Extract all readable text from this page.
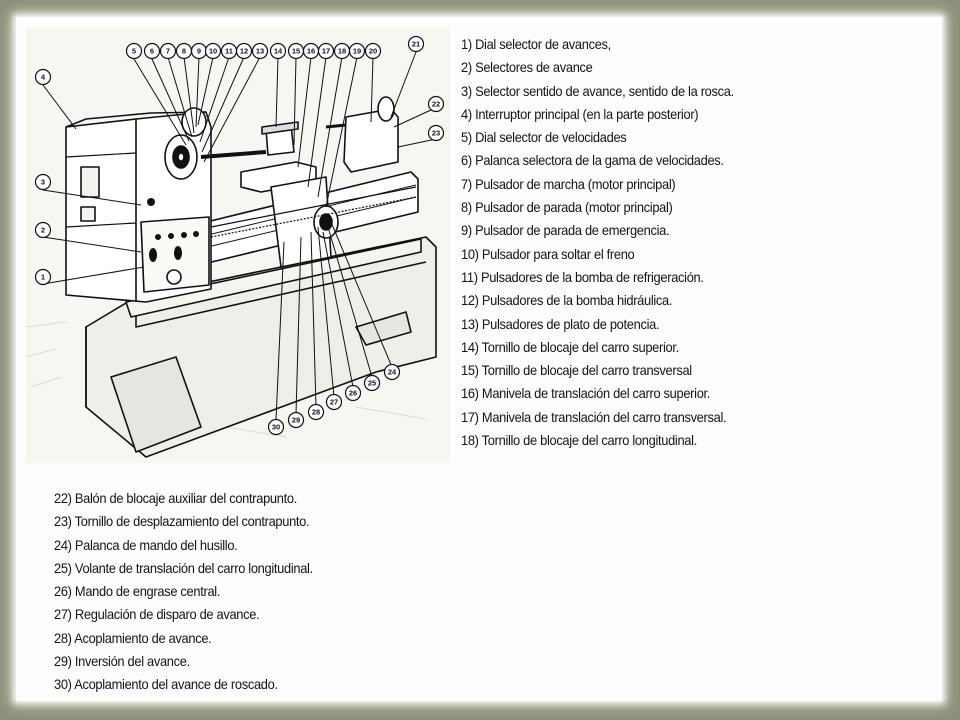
5 6 7 8 9 10 11 12 13 14 15 16 17 18 19 20
21
4
3
2
1
22
23
30
29
28
27
26
25
24
1) Dial selector de avances,
2) Selectores de avance
3) Selector sentido de avance, sentido de la rosca.
4) Interruptor principal (en la parte posterior)
5) Dial selector de velocidades
6) Palanca selectora de la gama de velocidades.
7) Pulsador de marcha (motor principal)
8) Pulsador de parada (motor principal)
9) Pulsador de parada de emergencia.
10) Pulsador para soltar el freno
11) Pulsadores de la bomba de refrigeración.
12) Pulsadores de la bomba hidráulica.
13) Pulsadores de plato de potencia.
14) Tornillo de blocaje del carro superior.
15) Tornillo de blocaje del carro transversal
16) Manivela de translación del carro superior.
17) Manivela de translación del carro transversal.
18) Tornillo de blocaje del carro longitudinal.
22) Balón de blocaje auxiliar del contrapunto.
23) Tornillo de desplazamiento del contrapunto.
24) Palanca de mando del husillo.
25) Volante de translación del carro longitudinal.
26) Mando de engrase central.
27) Regulación de disparo de avance.
28) Acoplamiento de avance.
29) Inversión del avance.
30) Acoplamiento del avance de roscado.
